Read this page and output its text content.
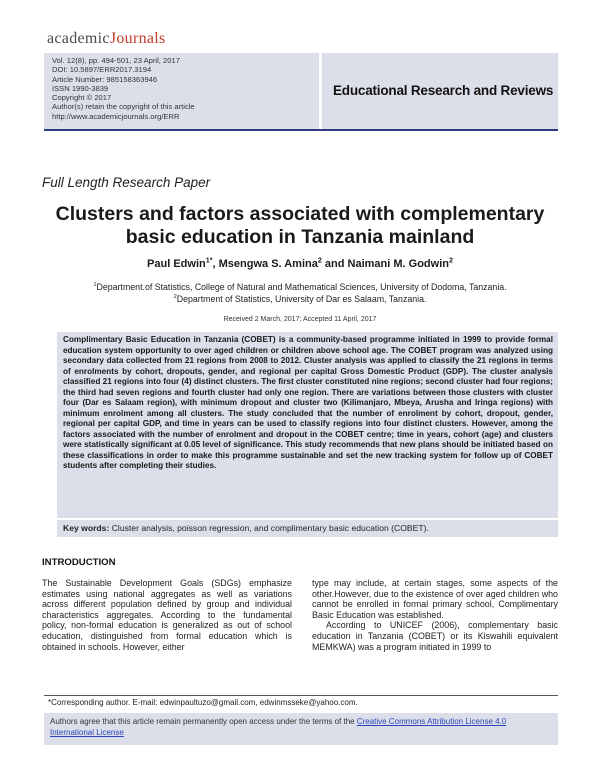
academicJournals
Vol. 12(8), pp. 494-501, 23 April, 2017
DOI: 10.5897/ERR2017.3194
Article Number: 985158363946
ISSN 1990-3839
Copyright © 2017
Author(s) retain the copyright of this article
http://www.academicjournals.org/ERR
Educational Research and Reviews
Full Length Research Paper
Clusters and factors associated with complementary
basic education in Tanzania mainland
Paul Edwin$^{1*}$, Msengwa S. Amina$^2$ and Naimani M. Godwin$^2$
$^1$Department.of Statistics, College of Natural and Mathematical Sciences, University of Dodoma, Tanzania.
$^2$Department of Statistics, University of Dar es Salaam, Tanzania.
Received 2 March, 2017; Accepted 11 April, 2017
Complimentary Basic Education in Tanzania (COBET) is a community-based programme initiated in 1999 to provide formal education system opportunity to over aged children or children above school age. The COBET program was analyzed using secondary data collected from 21 regions from 2008 to 2012. Cluster analysis was applied to classify the 21 regions in terms of enrolments by cohort, dropouts, gender, and regional per capital Gross Domestic Product (GDP). The cluster analysis classified 21 regions into four (4) distinct clusters. The first cluster constituted nine regions; second cluster had four regions; the third had seven regions and fourth cluster had only one region. There are variations between those clusters with cluster four (Dar es Salaam region), with minimum dropout and cluster two (Kilimanjaro, Mbeya, Arusha and Iringa regions) with minimum enrolment among all clusters. The study concluded that the number of enrolment by cohort, dropout, gender, regional per capital GDP, and time in years can be used to classify regions into four distinct clusters. However, among the factors associated with the number of enrolment and dropout in the COBET centre; time in years, cohort (age) and clusters were statistically significant at 0.05 level of significance. This study recommends that new plans should be initiated based on these classifications in order to make this programme sustainable and set the new tracking system for follow up of COBET students after completing their studies.
Key words: Cluster analysis, poisson regression, and complimentary basic education (COBET).
INTRODUCTION

The Sustainable Development Goals (SDGs) emphasize estimates using national aggregates as well as variations across different population defined by group and individual characteristics aggregates. According to the fundamental policy, non-formal education is generalized as out of school education, distinguished from formal education which is obtained in schools. However, either

type may include, at certain stages, some aspects of the other.However, due to the existence of over aged children who cannot be enrolled in formal primary school, Complimentary Basic Education was established.

According to UNICEF (2006), complementary basic education in Tanzania (COBET) or its Kiswahili equivalent MEMKWA) was a program initiated in 1999 to

*Corresponding author. E-mail: edwinpaultuzo@gmail.com, edwinmsseke@yahoo.com.
Authors agree that this article remain permanently open access under the terms of the Creative Commons Attribution License 4.0 International License
